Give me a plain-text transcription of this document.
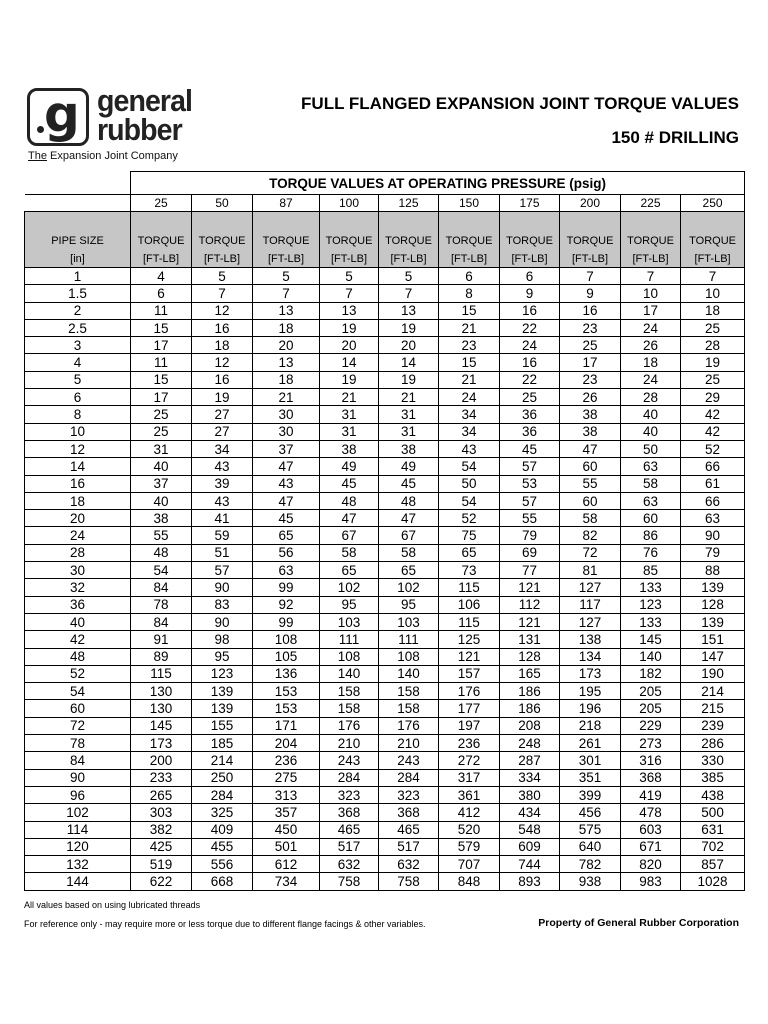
g general
rubber
The Expansion Joint Company
FULL FLANGED EXPANSION JOINT TORQUE VALUES
150 # DRILLING
	TORQUE VALUES AT OPERATING PRESSURE (psig)									
	25	50	87	100	125	150	175	200	225	250
PIPE SIZE	TORQUE	TORQUE	TORQUE	TORQUE	TORQUE	TORQUE	TORQUE	TORQUE	TORQUE	TORQUE
[in]	[FT-LB]	[FT-LB]	[FT-LB]	[FT-LB]	[FT-LB]	[FT-LB]	[FT-LB]	[FT-LB]	[FT-LB]	[FT-LB]
1	4	5	5	5	5	6	6	7	7	7
1.5	6	7	7	7	7	8	9	9	10	10
2	11	12	13	13	13	15	16	16	17	18
2.5	15	16	18	19	19	21	22	23	24	25
3	17	18	20	20	20	23	24	25	26	28
4	11	12	13	14	14	15	16	17	18	19
5	15	16	18	19	19	21	22	23	24	25
6	17	19	21	21	21	24	25	26	28	29
8	25	27	30	31	31	34	36	38	40	42
10	25	27	30	31	31	34	36	38	40	42
12	31	34	37	38	38	43	45	47	50	52
14	40	43	47	49	49	54	57	60	63	66
16	37	39	43	45	45	50	53	55	58	61
18	40	43	47	48	48	54	57	60	63	66
20	38	41	45	47	47	52	55	58	60	63
24	55	59	65	67	67	75	79	82	86	90
28	48	51	56	58	58	65	69	72	76	79
30	54	57	63	65	65	73	77	81	85	88
32	84	90	99	102	102	115	121	127	133	139
36	78	83	92	95	95	106	112	117	123	128
40	84	90	99	103	103	115	121	127	133	139
42	91	98	108	111	111	125	131	138	145	151
48	89	95	105	108	108	121	128	134	140	147
52	115	123	136	140	140	157	165	173	182	190
54	130	139	153	158	158	176	186	195	205	214
60	130	139	153	158	158	177	186	196	205	215
72	145	155	171	176	176	197	208	218	229	239
78	173	185	204	210	210	236	248	261	273	286
84	200	214	236	243	243	272	287	301	316	330
90	233	250	275	284	284	317	334	351	368	385
96	265	284	313	323	323	361	380	399	419	438
102	303	325	357	368	368	412	434	456	478	500
114	382	409	450	465	465	520	548	575	603	631
120	425	455	501	517	517	579	609	640	671	702
132	519	556	612	632	632	707	744	782	820	857
144	622	668	734	758	758	848	893	938	983	1028
All values based on using lubricated threads
For reference only - may require more or less torque due to different flange facings & other variables.	Property of General Rubber Corporation
